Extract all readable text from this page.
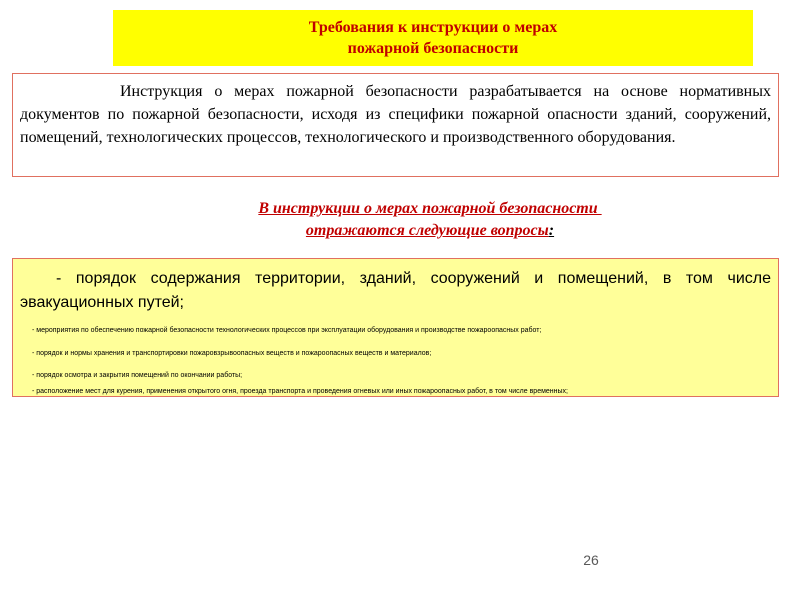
Требования к инструкции о мерах
пожарной безопасности
Инструкция о мерах пожарной безопасности разрабатывается на основе нормативных документов по пожарной безопасности, исходя из специфики пожарной опасности зданий, сооружений, помещений, технологических процессов, технологического и производственного оборудования.
В инструкции о мерах пожарной безопасности
отражаются следующие вопросы:

- порядок содержания территории, зданий, сооружений и помещений, в том числе эвакуационных путей;

- мероприятия по обеспечению пожарной безопасности технологических процессов при эксплуатации оборудования и производстве пожароопасных работ;

- порядок и нормы хранения и транспортировки пожаровзрывоопасных веществ и пожароопасных веществ и материалов;

- порядок осмотра и закрытия помещений по окончании работы;

- расположение мест для курения, применения открытого огня, проезда транспорта и проведения огневых или иных пожароопасных работ, в том числе временных;

26
